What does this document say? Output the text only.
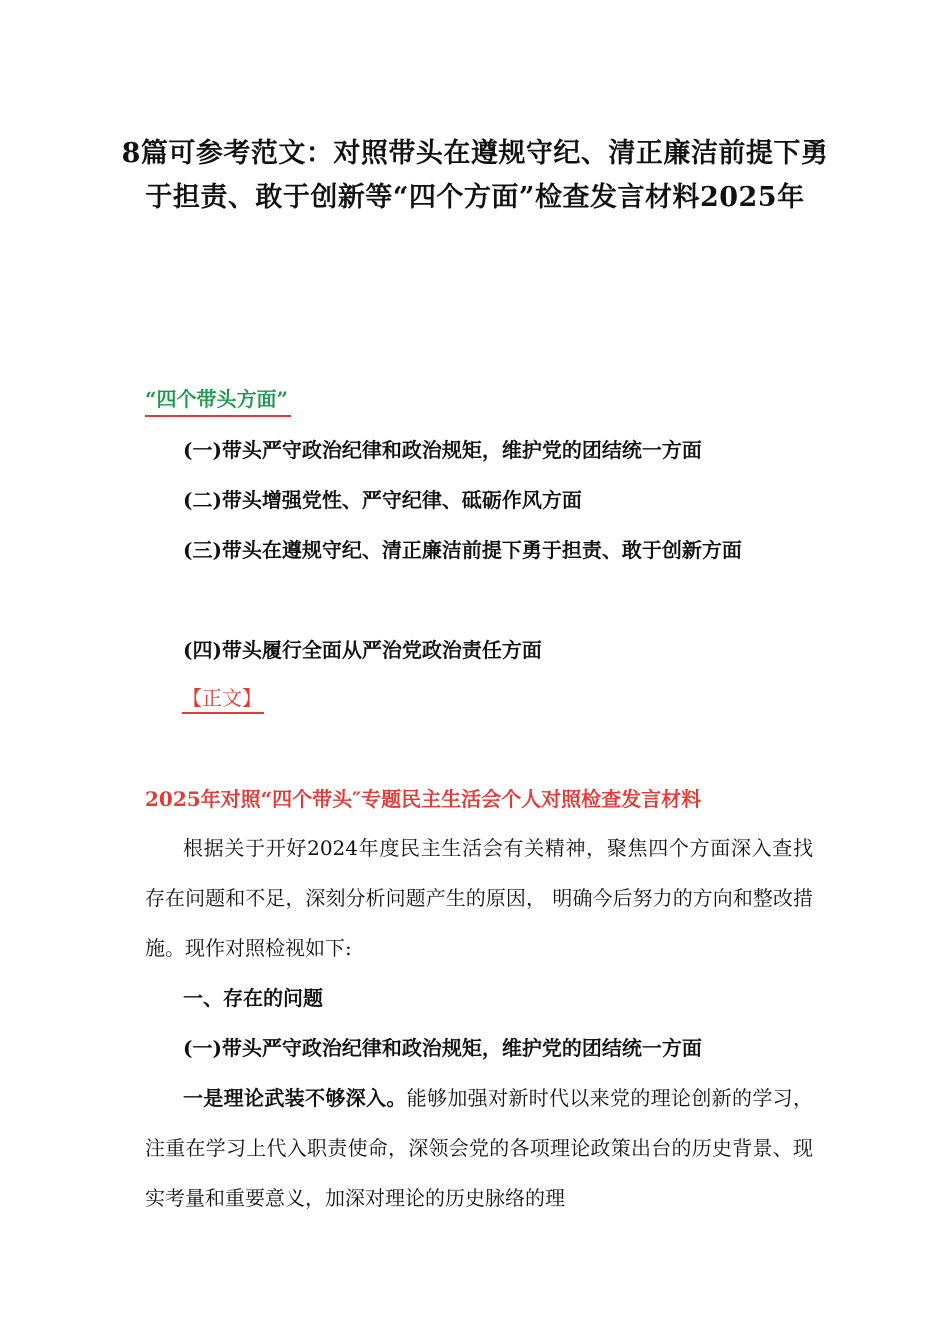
8篇可参考范文：对照带头在遵规守纪、清正廉洁前提下勇于担责、敢于创新等“四个方面”检查发言材料2025年
“四个带头方面”
(一)带头严守政治纪律和政治规矩，维护党的团结统一方面
(二)带头增强党性、严守纪律、砥砺作风方面
(三)带头在遵规守纪、清正廉洁前提下勇于担责、敢于创新方面
(四)带头履行全面从严治党政治责任方面
【正文】
2025年对照“四个带头″专题民主生活会个人对照检查发言材料
根据关于开好2024年度民主生活会有关精神，聚焦四个方面深入查找存在问题和不足，深刻分析问题产生的原因， 明确今后努力的方向和整改措施。现作对照检视如下:
一、存在的问题
(一)带头严守政治纪律和政治规矩，维护党的团结统一方面
一是理论武装不够深入。能够加强对新时代以来党的理论创新的学习，注重在学习上代入职责使命，深领会党的各项理论政策出台的历史背景、现实考量和重要意义，加深对理论的历史脉络的理
